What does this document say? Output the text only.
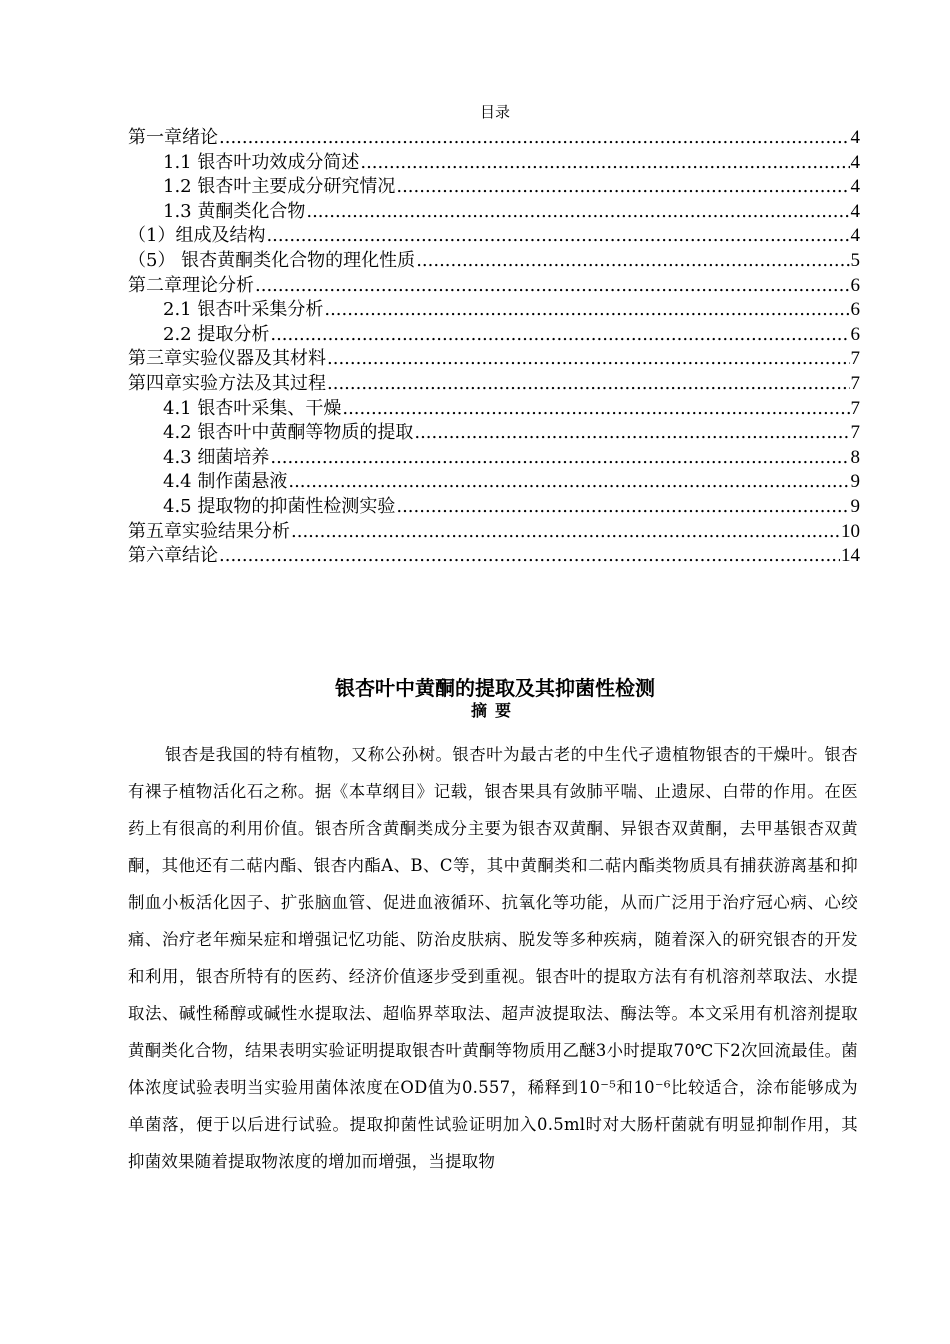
目录
第一章绪论 .....	4
1.1 银杏叶功效成分简述 .....	4
1.2 银杏叶主要成分研究情况 .....	4
1.3 黄酮类化合物 .....	4
（1）组成及结构 .....	4
（5） 银杏黄酮类化合物的理化性质 .....	5
第二章理论分析 .....	6
2.1 银杏叶采集分析 .....	6
2.2 提取分析 .....	6
第三章实验仪器及其材料 .....	7
第四章实验方法及其过程 .....	7
4.1 银杏叶采集、干燥 .....	7
4.2 银杏叶中黄酮等物质的提取 .....	7
4.3 细菌培养 .....	8
4.4 制作菌悬液 .....	9
4.5 提取物的抑菌性检测实验 .....	9
第五章实验结果分析 .....	10
第六章结论 .....	14
银杏叶中黄酮的提取及其抑菌性检测
摘要

银杏是我国的特有植物，又称公孙树。银杏叶为最古老的中生代孑遗植物银杏的干燥叶。银杏有裸子植物活化石之称。据《本草纲目》记载，银杏果具有敛肺平喘、止遗尿、白带的作用。在医药上有很高的利用价值。银杏所含黄酮类成分主要为银杏双黄酮、异银杏双黄酮，去甲基银杏双黄酮，其他还有二萜内酯、银杏内酯A、B、C等，其中黄酮类和二萜内酯类物质具有捕获游离基和抑制血小板活化因子、扩张脑血管、促进血液循环、抗氧化等功能，从而广泛用于治疗冠心病、心绞痛、治疗老年痴呆症和增强记忆功能、防治皮肤病、脱发等多种疾病，随着深入的研究银杏的开发和利用，银杏所特有的医药、经济价值逐步受到重视。银杏叶的提取方法有有机溶剂萃取法、水提取法、碱性稀醇或碱性水提取法、超临界萃取法、超声波提取法、酶法等。本文采用有机溶剂提取黄酮类化合物，结果表明实验证明提取银杏叶黄酮等物质用乙醚3小时提取70℃下2次回流最佳。菌体浓度试验表明当实验用菌体浓度在OD值为0.557，稀释到10⁻⁵和10⁻⁶比较适合，涂布能够成为单菌落，便于以后进行试验。提取抑菌性试验证明加入0.5ml时对大肠杆菌就有明显抑制作用，其抑菌效果随着提取物浓度的增加而增强，当提取物
